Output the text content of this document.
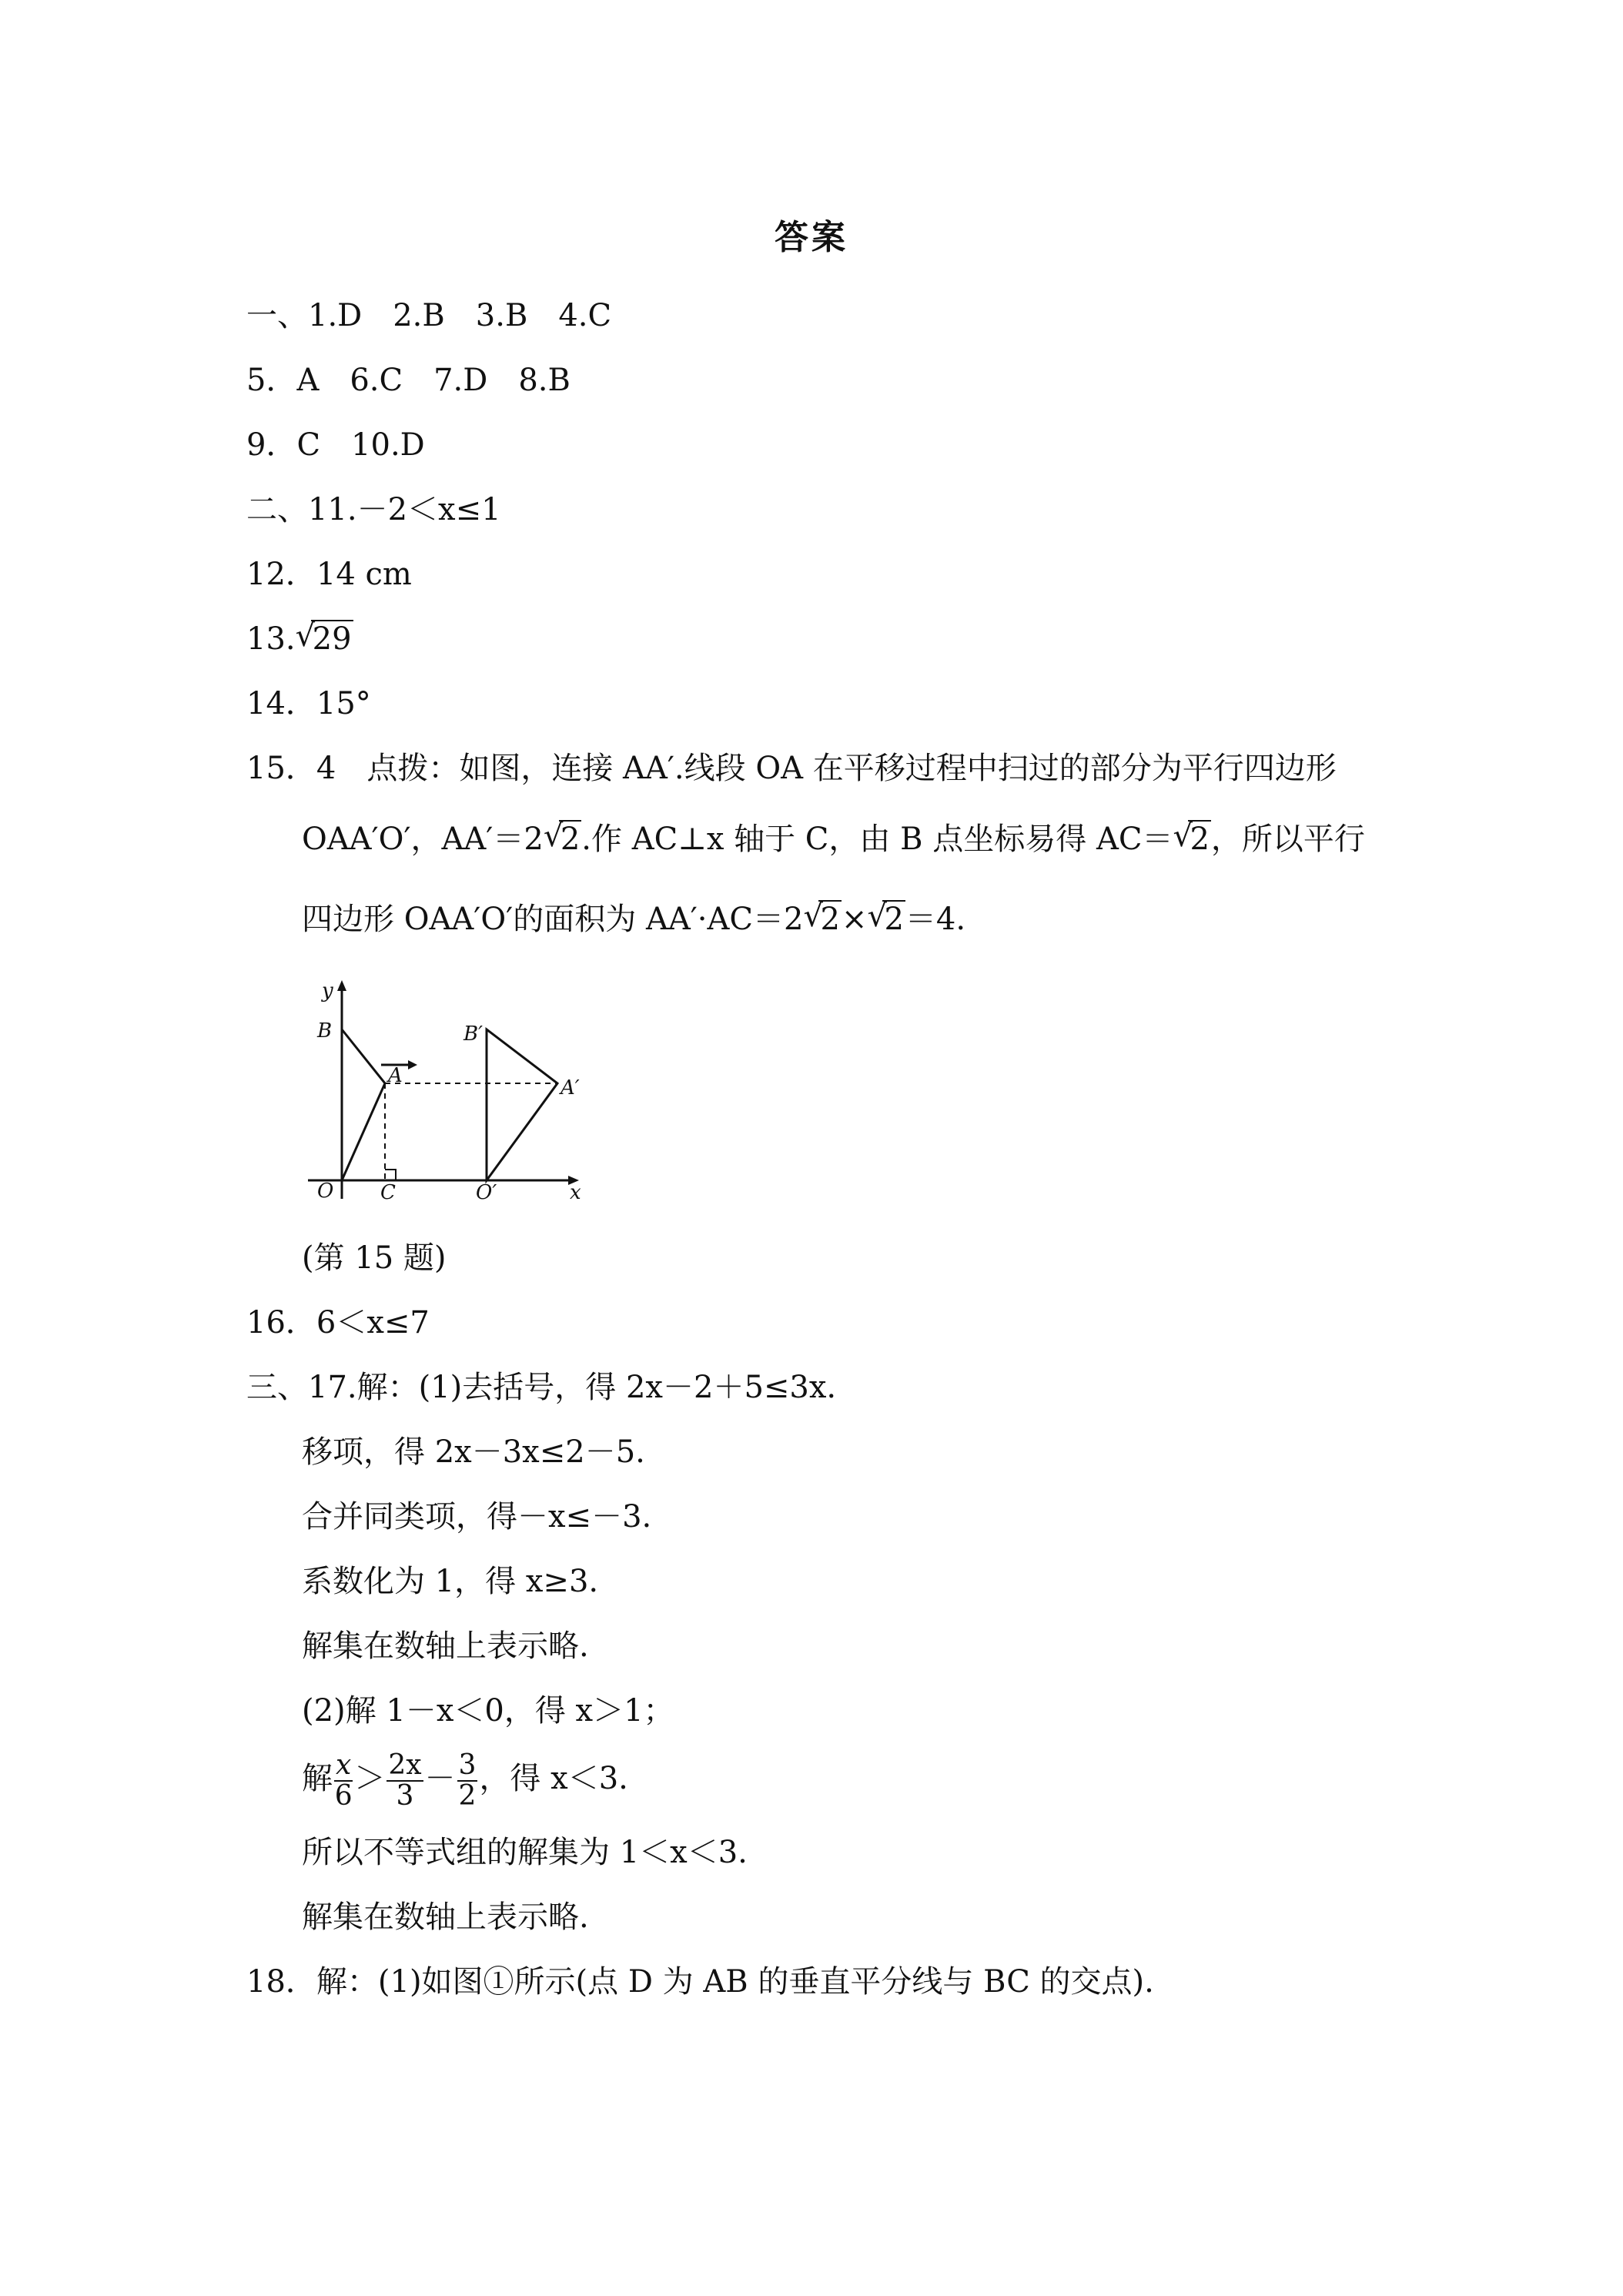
答案
一、1.D　2.B　3.B　4.C
5．A　6.C　7.D　8.B
9．C　10.D
二、11.－2＜x≤1
12．14 cm
13. √ 29
14．15°
15．4　点拨：如图，连接 AA′.线段 OA 在平移过程中扫过的部分为平行四边形
OAA′O′，AA′＝2 √ 2.作 AC⊥x 轴于 C，由 B 点坐标易得 AC＝ √ 2，所以平行
四边形 OAA′O′的面积为 AA′·AC＝2 √ 2× √ 2＝4.
y
B
A
O C
B′
A′
O′	x
(第 15 题)
16．6＜x≤7
三、17.解：(1)去括号，得 2x－2＋5≤3x.
移项，得 2x－3x≤2－5.
合并同类项，得－x≤－3.
系数化为 1，得 x≥3.
解集在数轴上表示略.
(2)解 1－x＜0，得 x＞1；
解 $\frac{x}{6} > \frac{2x}{3} - \frac{3}{2}$ ，得 x＜3.
所以不等式组的解集为 1＜x＜3.
解集在数轴上表示略.
18．解：(1)如图①所示(点 D 为 AB 的垂直平分线与 BC 的交点).
